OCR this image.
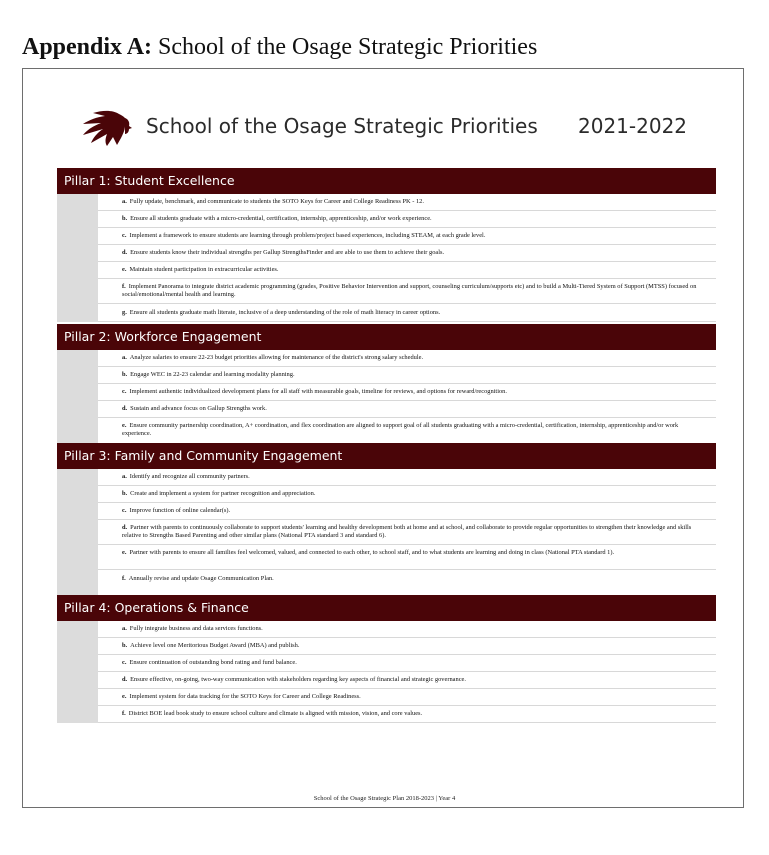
Appendix A: School of the Osage Strategic Priorities
School of the Osage Strategic Priorities 2021-2022
Pillar 1: Student Excellence
a. Fully update, benchmark, and communicate to students the SOTO Keys for Career and College Readiness PK - 12.
b. Ensure all students graduate with a micro-credential, certification, internship, apprenticeship, and/or work experience.
c. Implement a framework to ensure students are learning through problem/project based experiences, including STEAM, at each grade level.
d. Ensure students know their individual strengths per Gallup StrengthsFinder and are able to use them to achieve their goals.
e. Maintain student participation in extracurricular activities.
f. Implement Panorama to integrate district academic programming (grades, Positive Behavior Intervention and support, counseling curriculum/supports etc) and to build a Multi-Tiered System of Support (MTSS) focused on social/emotional/mental health and learning.
g. Ensure all students graduate math literate, inclusive of a deep understanding of the role of math literacy in career options.
Pillar 2: Workforce Engagement
a. Analyze salaries to ensure 22-23 budget priorities allowing for maintenance of the district's strong salary schedule.
b. Engage WEC in 22-23 calendar and learning modality planning.
c. Implement authentic individualized development plans for all staff with measurable goals, timeline for reviews, and options for reward/recognition.
d. Sustain and advance focus on Gallup Strengths work.
e. Ensure community partnership coordination, A+ coordination, and flex coordination are aligned to support goal of all students graduating with a micro-credential, certification, internship, apprenticeship and/or work experience.
Pillar 3: Family and Community Engagement
a. Identify and recognize all community partners.
b. Create and implement a system for partner recognition and appreciation.
c. Improve function of online calendar(s).
d. Partner with parents to continuously collaborate to support students' learning and healthy development both at home and at school, and collaborate to provide regular opportunities to strengthen their knowledge and skills relative to Strengths Based Parenting and other similar plans (National PTA standard 3 and standard 6).
e. Partner with parents to ensure all families feel welcomed, valued, and connected to each other, to school staff, and to what students are learning and doing in class (National PTA standard 1).
f. Annually revise and update Osage Communication Plan.
Pillar 4: Operations & Finance
a. Fully integrate business and data services functions.
b. Achieve level one Meritorious Budget Award (MBA) and publish.
c. Ensure continuation of outstanding bond rating and fund balance.
d. Ensure effective, on-going, two-way communication with stakeholders regarding key aspects of financial and strategic governance.
e. Implement system for data tracking for the SOTO Keys for Career and College Readiness.
f. District BOE lead book study to ensure school culture and climate is aligned with mission, vision, and core values.
School of the Osage Strategic Plan 2018-2023 | Year 4
